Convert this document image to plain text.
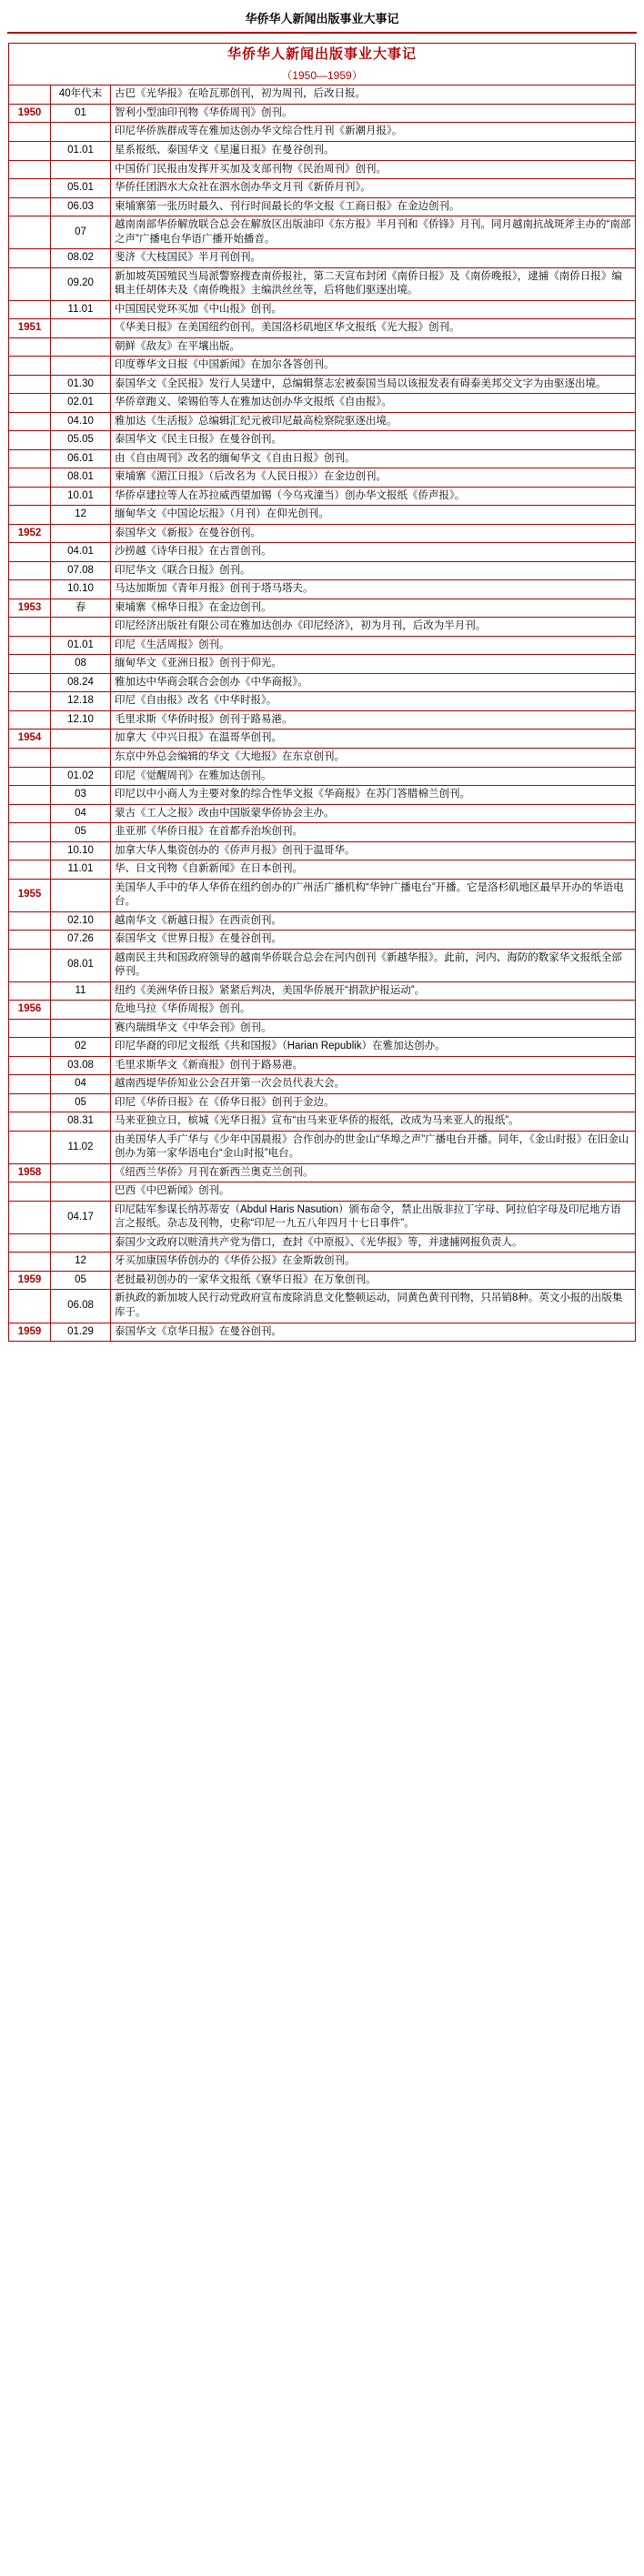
华侨华人新闻出版事业大事记
华侨华人新闻出版事业大事记
（1950—1959）		

	40年代末	古巴《光华报》在哈瓦那创刊，初为周刊，后改日报。
1950	01	智利小型油印刊物《华侨周刊》创刊。
		印尼华侨族群成等在雅加达创办华文综合性月刊《新潮月报》。
	01.01	星系报纸、泰国华文《星暹日报》在曼谷创刊。
		中国侨门民报由发挥开买加及支部刊物《民治周刊》创刊。
	05.01	华侨任团泗水大众社在泗水创办华文月刊《新侨月刊》。
	06.03	柬埔寨第一张历时最久、刊行时间最长的华文报《工商日报》在金边创刊。
	07	越南南部华侨解放联合总会在解放区出版油印《东方报》半月刊和《侨锋》月刊。同月越南抗战斑斧主办的“南部之声”广播电台华语广播开始播音。
	08.02	斐济《大枝国民》半月刊创刊。
	09.20	新加坡英国殖民当局派警察搜查南侨报社，第二天宣布封闭《南侨日报》及《南侨晚报》，逮捕《南侨日报》编辑主任胡体夫及《南侨晚报》主编洪丝丝等，后将他们驱逐出境。
	11.01	中国国民党环买加《中山报》创刊。
1951		《华美日报》在美国纽约创刊。美国洛杉矶地区华文报纸《光大报》创刊。
		朝鲜《敌友》在平壤出版。
		印度尊华文日报《中国新闻》在加尔各答创刊。
	01.30	泰国华文《全民报》发行人吴建中，总编辑蔡志宏被泰国当局以该报发表有碍泰美邦交文字为由驱逐出境。
	02.01	华侨章跑义、梁锡伯等人在雅加达创办华文报纸《自由报》。
	04.10	雅加达《生活报》总编辑汇纪元被印尼最高检察院驱逐出境。
	05.05	泰国华文《民主日报》在曼谷创刊。
	06.01	由《自由周刊》改名的缅甸华文《自由日报》创刊。
	08.01	柬埔寨《湄江日报》（后改名为《人民日报》）在金边创刊。
	10.01	华侨卓建拉等人在苏拉威西望加锡（今乌戎潼当）创办华文报纸《侨声报》。
	12	缅甸华文《中国论坛报》（月刊）在仰光创刊。
1952		泰国华文《新报》在曼谷创刊。
	04.01	沙捞越《诗华日报》在古晋创刊。
	07.08	印尼华文《联合日报》创刊。
	10.10	马达加斯加《青年月报》创刊于塔马塔夫。
1953	春	柬埔寨《棉华日报》在金边创刊。
		印尼经济出版社有限公司在雅加达创办《印尼经济》，初为月刊，后改为半月刊。
	01.01	印尼《生活周报》创刊。
	08	缅甸华文《亚洲日报》创刊于仰光。
	08.24	雅加达中华商会联合会创办《中华商报》。
	12.18	印尼《自由报》改名《中华时报》。
	12.10	毛里求斯《华侨时报》创刊于路易港。
1954		加拿大《中兴日报》在温哥华创刊。
		东京中外总会编辑的华文《大地报》在东京创刊。
	01.02	印尼《觉醒周刊》在雅加达创刊。
	03	印尼以中小商人为主要对象的综合性华文报《华商报》在苏门答腊棉兰创刊。
	04	蒙古《工人之报》改由中国版蒙华侨协会主办。
	05	韭亚那《华侨日报》在首都乔治埃创刊。
	10.10	加拿大华人集资创办的《侨声月报》创刊于温哥华。
	11.01	华、日文刊物《自新新闻》在日本创刊。
1955		美国华人手中的华人华侨在纽约创办的广州活广播机构“华钟广播电台”开播。它是洛杉矶地区最早开办的华语电台。
	02.10	越南华文《新越日报》在西贡创刊。
	07.26	泰国华文《世界日报》在曼谷创刊。
	08.01	越南民主共和国政府领导的越南华侨联合总会在河内创刊《新越华报》。此前，河内、海防的数家华文报纸全部停刊。
	11	纽约《美洲华侨日报》紧紧后判决，美国华侨展开“捐款护报运动”。
1956		危地马拉《华侨周报》创刊。
		赛内瑞缉华文《中华会刊》创刊。
	02	印尼华裔的印尼文报纸《共和国报》（Harian Republik）在雅加达创办。
	03.08	毛里求斯华文《新商报》创刊于路易港。
	04	越南西堤华侨知业公会召开第一次会员代表大会。
	05	印尼《华侨日报》在《侨华日报》创刊于金边。
	08.31	马来亚独立日，槟城《光华日报》宣布“由马来亚华侨的报纸，改成为马来亚人的报纸”。
	11.02	由美国华人手广华与《少年中国晨报》合作创办的世金山“华埠之声”广播电台开播。同年，《金山时报》在旧金山创办为第一家华语电台“金山时报”电台。
1958		《纽西兰华侨》月刊在新西兰奥克兰创刊。
		巴西《中巴新闻》创刊。
	04.17	印尼陆军参谋长纳苏蒂安（Abdul Haris Nasution）颁布命令，禁止出版非拉丁字母、阿拉伯字母及印尼地方语言之报纸。杂志及刊物，史称“印尼一九五八年四月十七日事件”。
		泰国少文政府以赃清共产党为借口，查封《中原报》、《光华报》等，并逮捕网报负责人。
	12	牙买加康国华侨创办的《华侨公报》在金斯敦创刊。
1959	05	老挝最初创办的一家华文报纸《寮华日报》在万象创刊。
	06.08	新执政的新加坡人民行动党政府宣布废除消息文化整顿运动，同黄色黄刊刊物，只吊销8种。英文小报的出版集库于。
1959	01.29	泰国华文《京华日报》在曼谷创刊。
